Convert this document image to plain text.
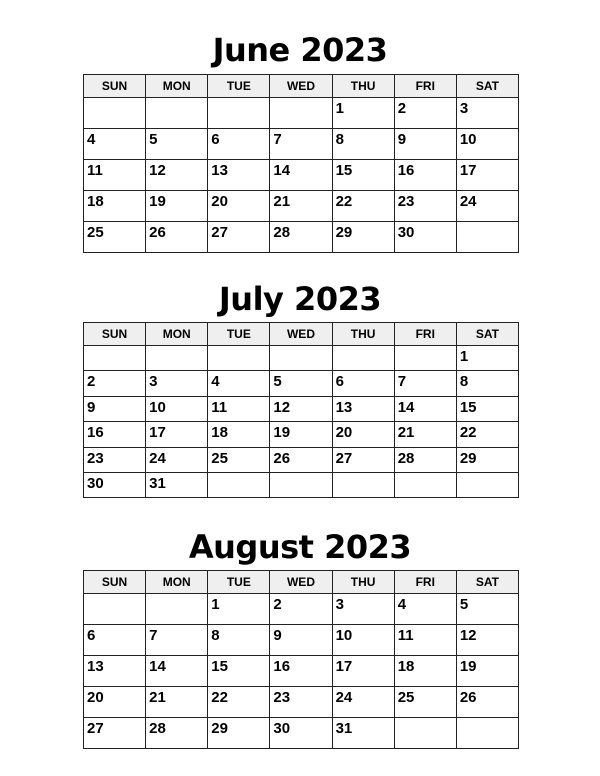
June 2023
SUN	MON	TUE	WED	THU	FRI	SAT
				1	2	3
4	5	6	7	8	9	10
11	12	13	14	15	16	17
18	19	20	21	22	23	24
25	26	27	28	29	30	
July 2023
SUN	MON	TUE	WED	THU	FRI	SAT
						1
2	3	4	5	6	7	8
9	10	11	12	13	14	15
16	17	18	19	20	21	22
23	24	25	26	27	28	29
30	31					
August 2023
SUN	MON	TUE	WED	THU	FRI	SAT
		1	2	3	4	5
6	7	8	9	10	11	12
13	14	15	16	17	18	19
20	21	22	23	24	25	26
27	28	29	30	31		
